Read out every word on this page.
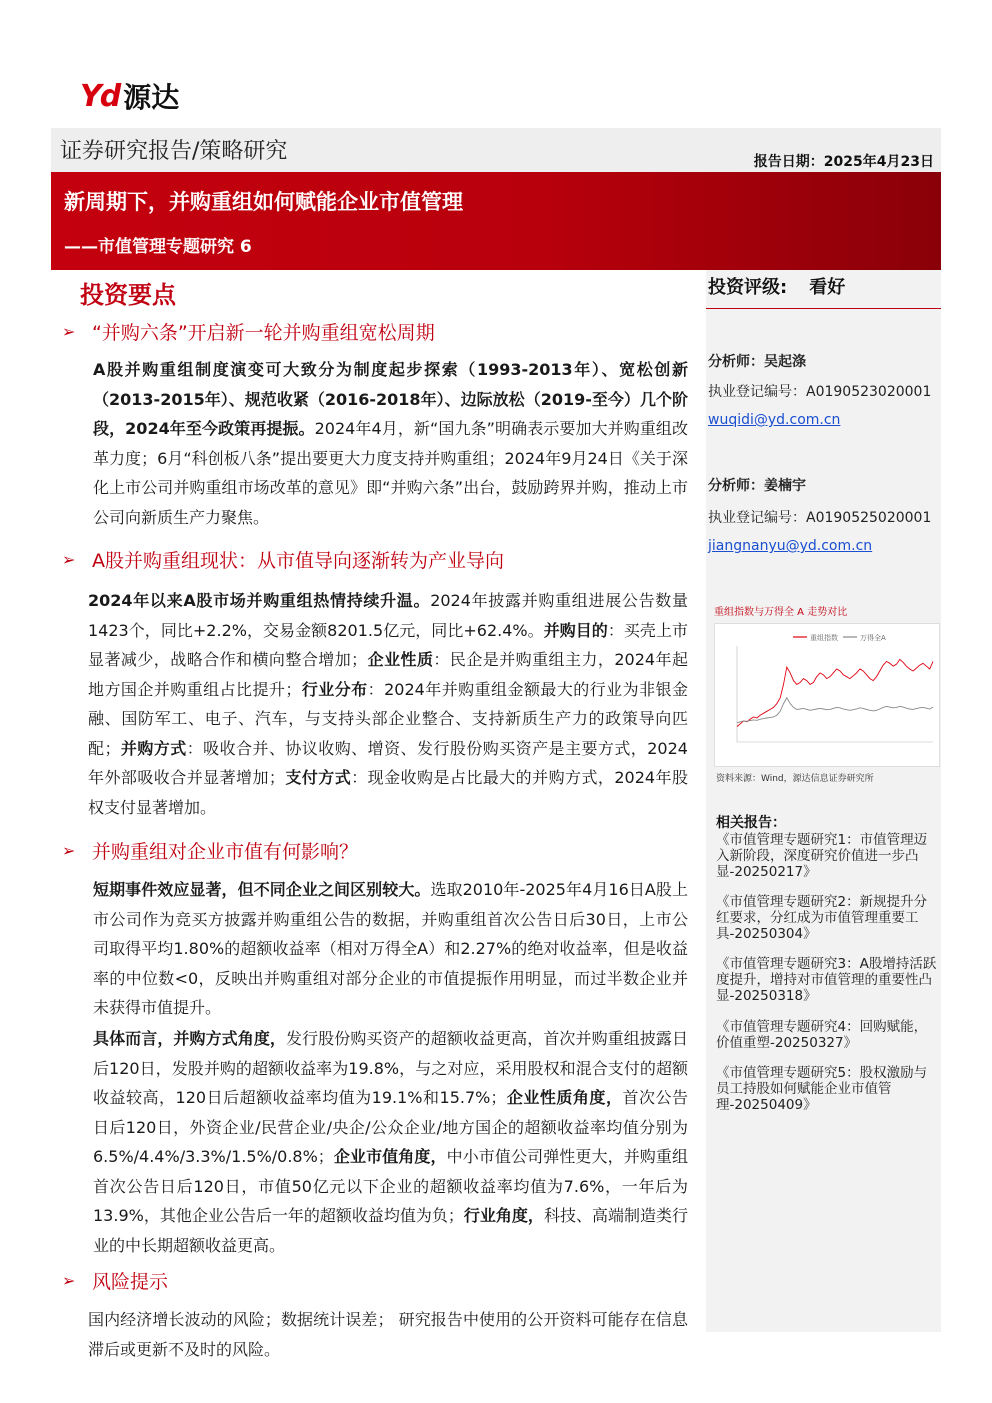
Yd 源达
证券研究报告/策略研究	报告日期：2025年4月23日
新周期下，并购重组如何赋能企业市值管理
——市值管理专题研究 6
投资评级: 看好
分析师：吴起涤
执业登记编号：A0190523020001
wuqidi@yd.com.cn
分析师：姜楠宇
执业登记编号：A0190525020001
jiangnanyu@yd.com.cn
重组指数与万得全 A 走势对比
重组指数	万得全A
资料来源：Wind，源达信息证券研究所
相关报告：
《市值管理专题研究1：市值管理迈入新阶段，深度研究价值进一步凸显-20250217》
《市值管理专题研究2：新规提升分红要求，分红成为市值管理重要工具-20250304》
《市值管理专题研究3：A股增持活跃度提升，增持对市值管理的重要性凸显-20250318》
《市值管理专题研究4：回购赋能，价值重塑-20250327》
《市值管理专题研究5：股权激励与员工持股如何赋能企业市值管理-20250409》
投资要点
➢ “并购六条”开启新一轮并购重组宽松周期
A股并购重组制度演变可大致分为制度起步探索（1993-2013年）、宽松创新（2013-2015年）、规范收紧（2016-2018年）、边际放松（2019-至今）几个阶段，2024年至今政策再提振。2024年4月，新“国九条”明确表示要加大并购重组改革力度；6月“科创板八条”提出要更大力度支持并购重组；2024年9月24日《关于深化上市公司并购重组市场改革的意见》即“并购六条”出台，鼓励跨界并购，推动上市公司向新质生产力聚焦。
➢ A股并购重组现状：从市值导向逐渐转为产业导向
2024年以来A股市场并购重组热情持续升温。2024年披露并购重组进展公告数量1423个，同比+2.2%，交易金额8201.5亿元，同比+62.4%。并购目的：买壳上市显著减少，战略合作和横向整合增加；企业性质：民企是并购重组主力，2024年起地方国企并购重组占比提升；行业分布：2024年并购重组金额最大的行业为非银金融、国防军工、电子、汽车，与支持头部企业整合、支持新质生产力的政策导向匹配；并购方式：吸收合并、协议收购、增资、发行股份购买资产是主要方式，2024年外部吸收合并显著增加；支付方式：现金收购是占比最大的并购方式，2024年股权支付显著增加。
➢ 并购重组对企业市值有何影响？
短期事件效应显著，但不同企业之间区别较大。选取2010年-2025年4月16日A股上市公司作为竞买方披露并购重组公告的数据，并购重组首次公告日后30日，上市公司取得平均1.80%的超额收益率（相对万得全A）和2.27%的绝对收益率，但是收益率的中位数<0，反映出并购重组对部分企业的市值提振作用明显，而过半数企业并未获得市值提升。
具体而言，并购方式角度，发行股份购买资产的超额收益更高，首次并购重组披露日后120日，发股并购的超额收益率为19.8%，与之对应，采用股权和混合支付的超额收益较高，120日后超额收益率均值为19.1%和15.7%；企业性质角度，首次公告日后120日，外资企业/民营企业/央企/公众企业/地方国企的超额收益率均值分别为6.5%/4.4%/3.3%/1.5%/0.8%；企业市值角度，中小市值公司弹性更大，并购重组首次公告日后120日，市值50亿元以下企业的超额收益率均值为7.6%，一年后为13.9%，其他企业公告后一年的超额收益均值为负；行业角度，科技、高端制造类行业的中长期超额收益更高。
➢ 风险提示
国内经济增长波动的风险；数据统计误差； 研究报告中使用的公开资料可能存在信息滞后或更新不及时的风险。
